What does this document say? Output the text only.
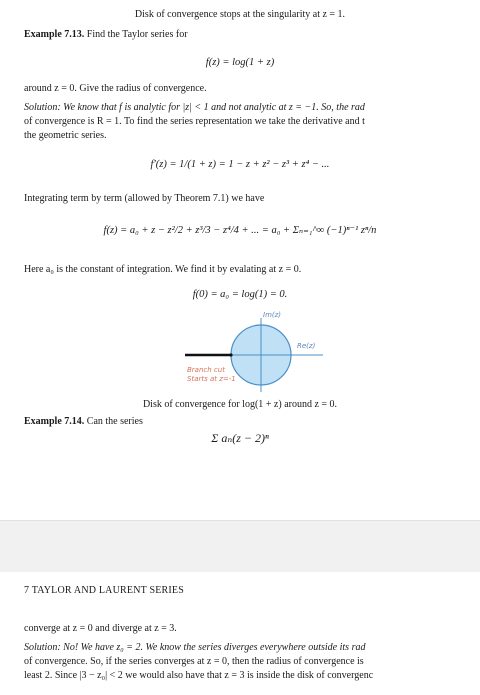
Disk of convergence stops at the singularity at z = 1.
Example 7.13. Find the Taylor series for
f(z) = log(1 + z)
around z = 0. Give the radius of convergence.
Solution: We know that f is analytic for |z| < 1 and not analytic at z = −1. So, the rad
of convergence is R = 1. To find the series representation we take the derivative and t
the geometric series.
f′(z) = 1/(1 + z) = 1 − z + z² − z³ + z⁴ − ...
Integrating term by term (allowed by Theorem 7.1) we have
f(z) = a₀ + z − z²/2 + z³/3 − z⁴/4 + ... = a₀ + Σₙ₌₁^∞ (−1)ⁿ⁻¹ zⁿ/n
Here a₀ is the constant of integration. We find it by evalating at z = 0.
f(0) = a₀ = log(1) = 0.
Im(z)
Re(z)
Branch cut
Starts at z=-1
Disk of convergence for log(1 + z) around z = 0.
Example 7.14. Can the series
Σ aₙ(z − 2)ⁿ
7 TAYLOR AND LAURENT SERIES
converge at z = 0 and diverge at z = 3.
Solution: No! We have z₀ = 2. We know the series diverges everywhere outside its rad
of convergence. So, if the series converges at z = 0, then the radius of convergence is
least 2. Since |3 − z₀| < 2 we would also have that z = 3 is inside the disk of convergenc
